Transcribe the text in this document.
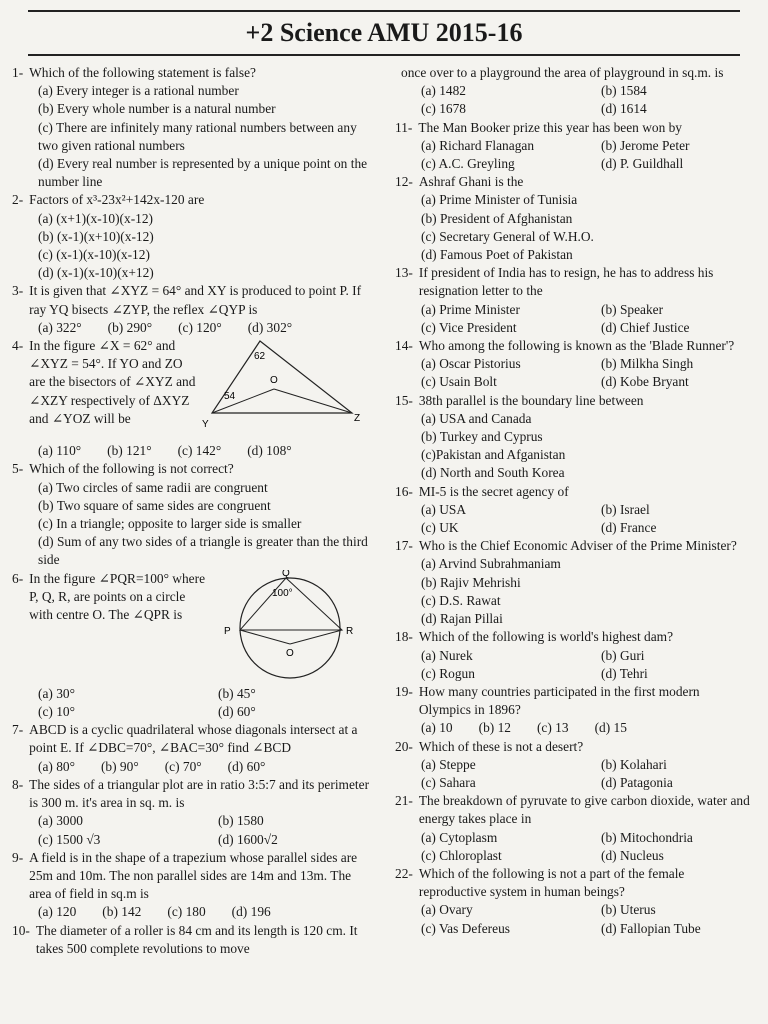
+2 Science AMU 2015-16
1- Which of the following statement is false?
(a) Every integer is a rational number
(b) Every whole number is a natural number
(c) There are infinitely many rational numbers between any two given rational numbers
(d) Every real number is represented by a unique point on the number line
2- Factors of x³-23x²+142x-120 are
(a) (x+1)(x-10)(x-12)
(b) (x-1)(x+10)(x-12)
(c) (x-1)(x-10)(x-12)
(d) (x-1)(x-10)(x+12)
3- It is given that ∠XYZ = 64° and XY is produced to point P. If ray YQ bisects ∠ZYP, the reflex ∠QYP is
(a) 322° (b) 290° (c) 120° (d) 302°
4- In the figure ∠X = 62° and ∠XYZ = 54°. If YO and ZO are the bisectors of ∠XYZ and ∠XZY respectively of ΔXYZ and ∠YOZ will be	Y
Z
O
62
54
(a) 110° (b) 121° (c) 142° (d) 108°
5- Which of the following is not correct?
(a) Two circles of same radii are congruent
(b) Two square of same sides are congruent
(c) In a triangle; opposite to larger side is smaller
(d) Sum of any two sides of a triangle is greater than the third side
6- In the figure ∠PQR=100° where P, Q, R, are points on a circle with centre O. The ∠QPR is
Q
P	R
O
100°
(a) 30°	(b) 45°
(c) 10°	(d) 60°
7- ABCD is a cyclic quadrilateral whose diagonals intersect at a point E. If ∠DBC=70°, ∠BAC=30° find ∠BCD
(a) 80° (b) 90° (c) 70° (d) 60°
8- The sides of a triangular plot are in ratio 3:5:7 and its perimeter is 300 m. it's area in sq. m. is
(a) 3000	(b) 1580
(c) 1500 √3	(d) 1600√2
9- A field is in the shape of a trapezium whose parallel sides are 25m and 10m. The non parallel sides are 14m and 13m. The area of field in sq.m is
(a) 120 (b) 142 (c) 180 (d) 196
10- The diameter of a roller is 84 cm and its length is 120 cm. It takes 500 complete revolutions to move
once over to a playground the area of playground in sq.m. is
(a) 1482	(b) 1584
(c) 1678	(d) 1614
11- The Man Booker prize this year has been won by
(a) Richard Flanagan	(b) Jerome Peter
(c) A.C. Greyling	(d) P. Guildhall
12- Ashraf Ghani is the
(a) Prime Minister of Tunisia
(b) President of Afghanistan
(c) Secretary General of W.H.O.
(d) Famous Poet of Pakistan
13- If president of India has to resign, he has to address his resignation letter to the
(a) Prime Minister	(b) Speaker
(c) Vice President	(d) Chief Justice
14- Who among the following is known as the 'Blade Runner'?
(a) Oscar Pistorius	(b) Milkha Singh
(c) Usain Bolt	(d) Kobe Bryant
15- 38th parallel is the boundary line between
(a) USA and Canada
(b) Turkey and Cyprus
(c)Pakistan and Afganistan
(d) North and South Korea
16- MI-5 is the secret agency of
(a) USA	(b) Israel
(c) UK	(d) France
17- Who is the Chief Economic Adviser of the Prime Minister?
(a) Arvind Subrahmaniam
(b) Rajiv Mehrishi
(c) D.S. Rawat
(d) Rajan Pillai
18- Which of the following is world's highest dam?
(a) Nurek	(b) Guri
(c) Rogun	(d) Tehri
19- How many countries participated in the first modern Olympics in 1896?
(a) 10 (b) 12 (c) 13 (d) 15
20- Which of these is not a desert?
(a) Steppe	(b) Kolahari
(c) Sahara	(d) Patagonia
21- The breakdown of pyruvate to give carbon dioxide, water and energy takes place in
(a) Cytoplasm	(b) Mitochondria
(c) Chloroplast	(d) Nucleus
22- Which of the following is not a part of the female reproductive system in human beings?
(a) Ovary	(b) Uterus
(c) Vas Defereus	(d) Fallopian Tube
